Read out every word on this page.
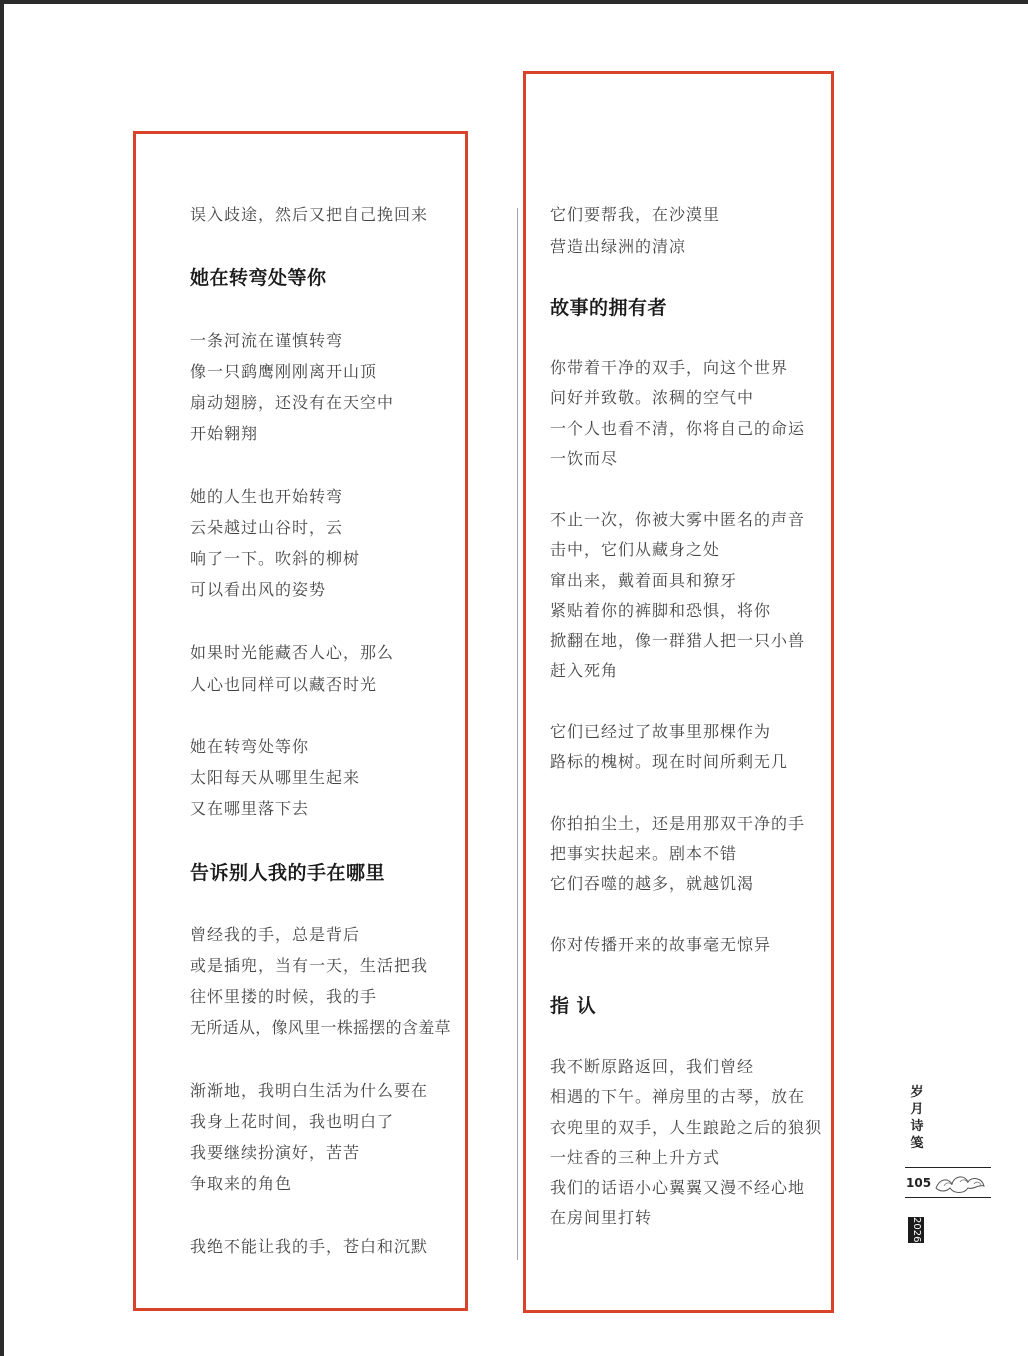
误入歧途，然后又把自己挽回来
她在转弯处等你
一条河流在谨慎转弯
像一只鹞鹰刚刚离开山顶
扇动翅膀，还没有在天空中
开始翱翔
她的人生也开始转弯
云朵越过山谷时，云
响了一下。吹斜的柳树
可以看出风的姿势
如果时光能藏否人心，那么
人心也同样可以藏否时光
她在转弯处等你
太阳每天从哪里生起来
又在哪里落下去
告诉别人我的手在哪里
曾经我的手，总是背后
或是插兜，当有一天，生活把我
往怀里搂的时候，我的手
无所适从，像风里一株摇摆的含羞草
渐渐地，我明白生活为什么要在
我身上花时间，我也明白了
我要继续扮演好，苦苦
争取来的角色
我绝不能让我的手，苍白和沉默
它们要帮我，在沙漠里
营造出绿洲的清凉
故事的拥有者
你带着干净的双手，向这个世界
问好并致敬。浓稠的空气中
一个人也看不清，你将自己的命运
一饮而尽
不止一次，你被大雾中匿名的声音
击中，它们从藏身之处
窜出来，戴着面具和獠牙
紧贴着你的裤脚和恐惧，将你
掀翻在地，像一群猎人把一只小兽
赶入死角
它们已经过了故事里那棵作为
路标的槐树。现在时间所剩无几
你拍拍尘土，还是用那双干净的手
把事实扶起来。剧本不错
它们吞噬的越多，就越饥渴
你对传播开来的故事毫无惊异
指 认
我不断原路返回，我们曾经
相遇的下午。禅房里的古琴，放在
衣兜里的双手，人生踉跄之后的狼狈
一炷香的三种上升方式
我们的话语小心翼翼又漫不经心地
在房间里打转
岁月诗笺
105
2026.01
